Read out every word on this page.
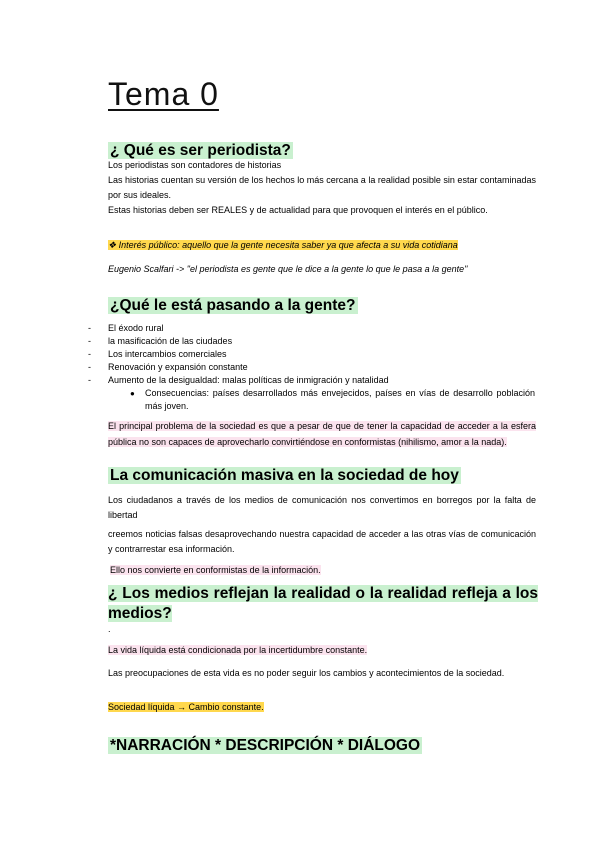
Tema 0
¿ Qué es ser periodista?
Los periodistas son contadores de historias
Las historias cuentan su versión de los hechos lo más cercana a la realidad posible sin estar contaminadas por sus ideales.
Estas historias deben ser REALES y de actualidad para que provoquen el interés en el público.
❖ Interés público: aquello que la gente necesita saber ya que afecta a su vida cotidiana
Eugenio Scalfari -> "el periodista es gente que le dice a la gente lo que le pasa a la gente"
¿Qué le está pasando a la gente?
- El éxodo rural
- la masificación de las ciudades
- Los intercambios comerciales
- Renovación y expansión constante
- Aumento de la desigualdad: malas políticas de inmigración y natalidad
● Consecuencias: países desarrollados más envejecidos, países en vías de desarrollo población más joven.
El principal problema de la sociedad es que a pesar de que de tener la capacidad de acceder a la esfera pública no son capaces de aprovecharlo convirtiéndose en conformistas (nihilismo, amor a la nada).
La comunicación masiva en la sociedad de hoy
Los ciudadanos a través de los medios de comunicación nos convertimos en borregos por la falta de libertad
creemos noticias falsas desaprovechando nuestra capacidad de acceder a las otras vías de comunicación y contrarrestar esa información.
Ello nos convierte en conformistas de la información.
¿ Los medios reflejan la realidad o la realidad refleja a los medios?
.
La vida líquida está condicionada por la incertidumbre constante.
Las preocupaciones de esta vida es no poder seguir los cambios y acontecimientos de la sociedad.
Sociedad líquida → Cambio constante.
*NARRACIÓN * DESCRIPCIÓN * DIÁLOGO
